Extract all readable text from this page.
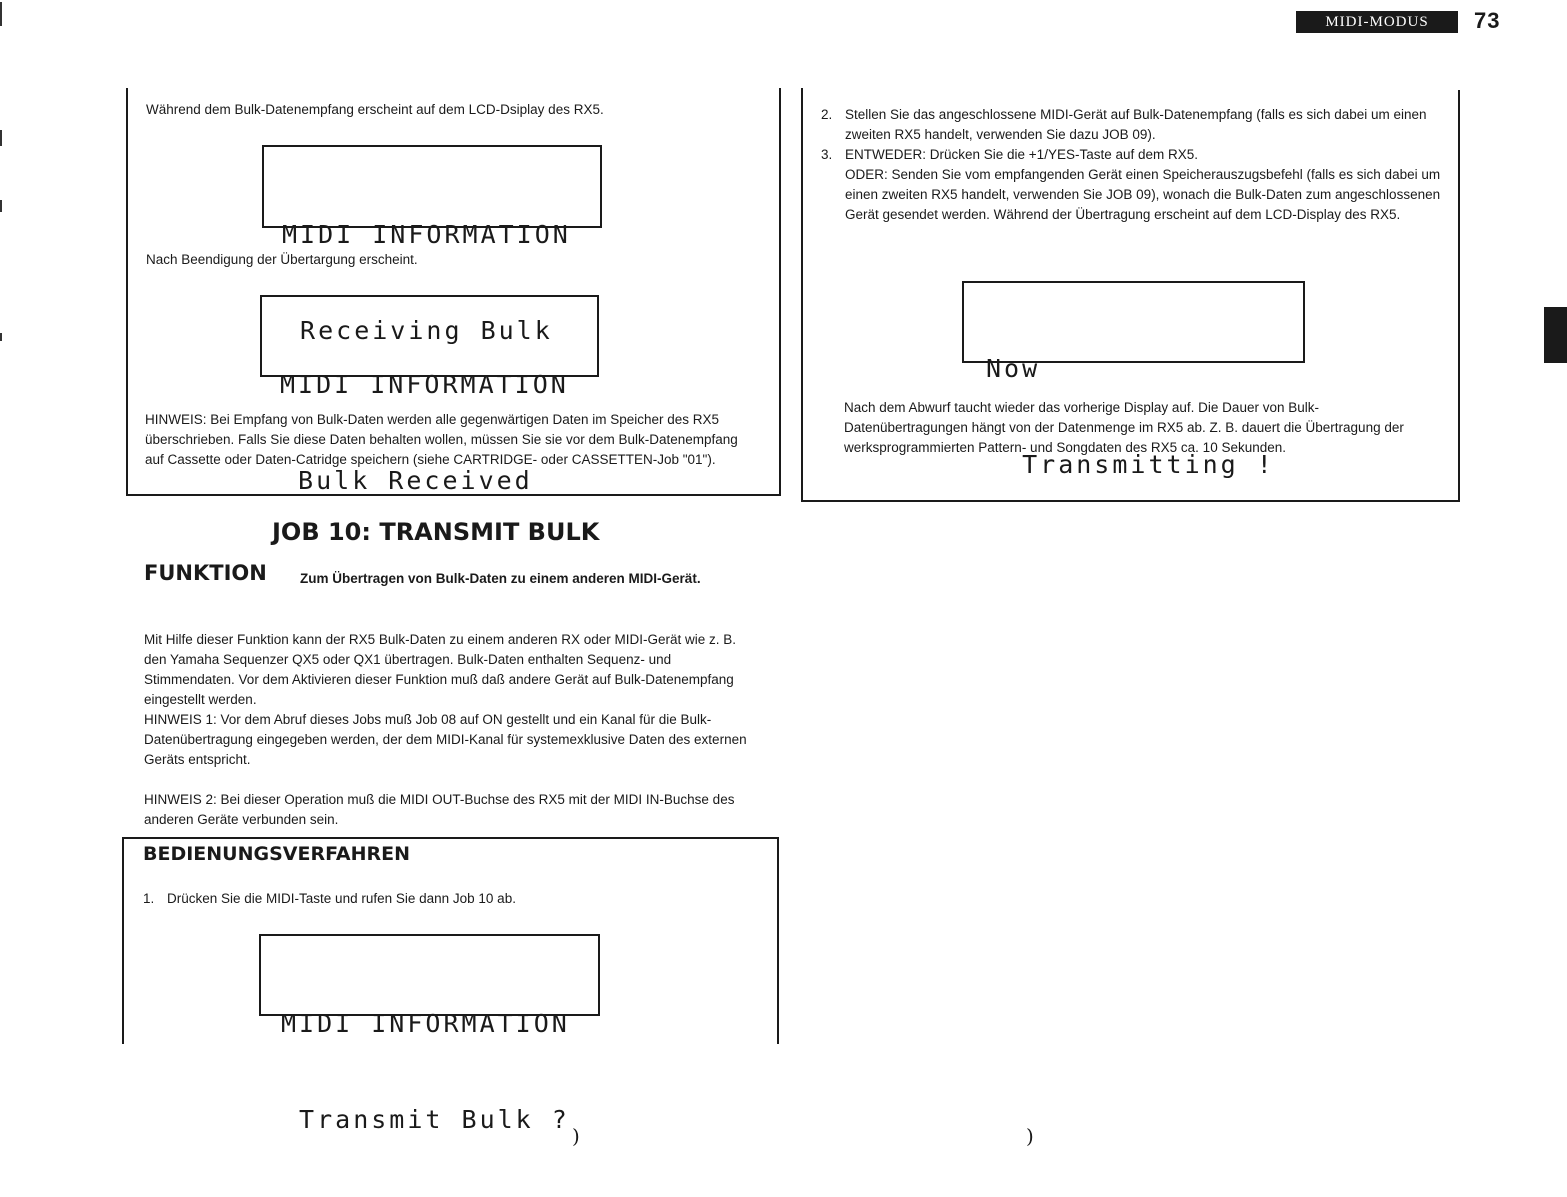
MIDI-MODUS	73
Während dem Bulk-Datenempfang erscheint auf dem LCD-Dsiplay des RX5.

MIDI INFORMATION

Receiving Bulk

Nach Beendigung der Übertargung erscheint.

MIDI INFORMATION

Bulk Received

HINWEIS: Bei Empfang von Bulk-Daten werden alle gegenwärtigen Daten im Speicher des RX5 überschrieben. Falls Sie diese Daten behalten wollen, müssen Sie sie vor dem Bulk-Datenempfang auf Cassette oder Daten-Catridge speichern (siehe CARTRIDGE- oder CASSETTEN-Job "01").
JOB 10: TRANSMIT BULK
FUNKTION Zum Übertragen von Bulk-Daten zu einem anderen MIDI-Gerät.
Mit Hilfe dieser Funktion kann der RX5 Bulk-Daten zu einem anderen RX oder MIDI-Gerät wie z. B. den Yamaha Sequenzer QX5 oder QX1 übertragen. Bulk-Daten enthalten Sequenz- und Stimmendaten. Vor dem Aktivieren dieser Funktion muß daß andere Gerät auf Bulk-Datenempfang eingestellt werden.
HINWEIS 1: Vor dem Abruf dieses Jobs muß Job 08 auf ON gestellt und ein Kanal für die Bulk-Datenübertragung eingegeben werden, der dem MIDI-Kanal für systemexklusive Daten des externen Geräts entspricht.
HINWEIS 2: Bei dieser Operation muß die MIDI OUT-Buchse des RX5 mit der MIDI IN-Buchse des anderen Geräte verbunden sein.
BEDIENUNGSVERFAHREN
1. Drücken Sie die MIDI-Taste und rufen Sie dann Job 10 ab.

MIDI INFORMATION

Transmit Bulk ?

2. Stellen Sie das angeschlossene MIDI-Gerät auf Bulk-Datenempfang (falls es sich dabei um einen zweiten RX5 handelt, verwenden Sie dazu JOB 09).
3. ENTWEDER: Drücken Sie die +1/YES-Taste auf dem RX5.
ODER: Senden Sie vom empfangenden Gerät einen Speicherauszugsbefehl (falls es sich dabei um einen zweiten RX5 handelt, verwenden Sie JOB 09), wonach die Bulk-Daten zum angeschlossenen Gerät gesendet werden. Während der Übertragung erscheint auf dem LCD-Display des RX5.

Now

Transmitting !

Nach dem Abwurf taucht wieder das vorherige Display auf. Die Dauer von Bulk-Datenübertragungen hängt von der Datenmenge im RX5 ab. Z. B. dauert die Übertragung der werksprogrammierten Pattern- und Songdaten des RX5 ca. 10 Sekunden.
)	)
